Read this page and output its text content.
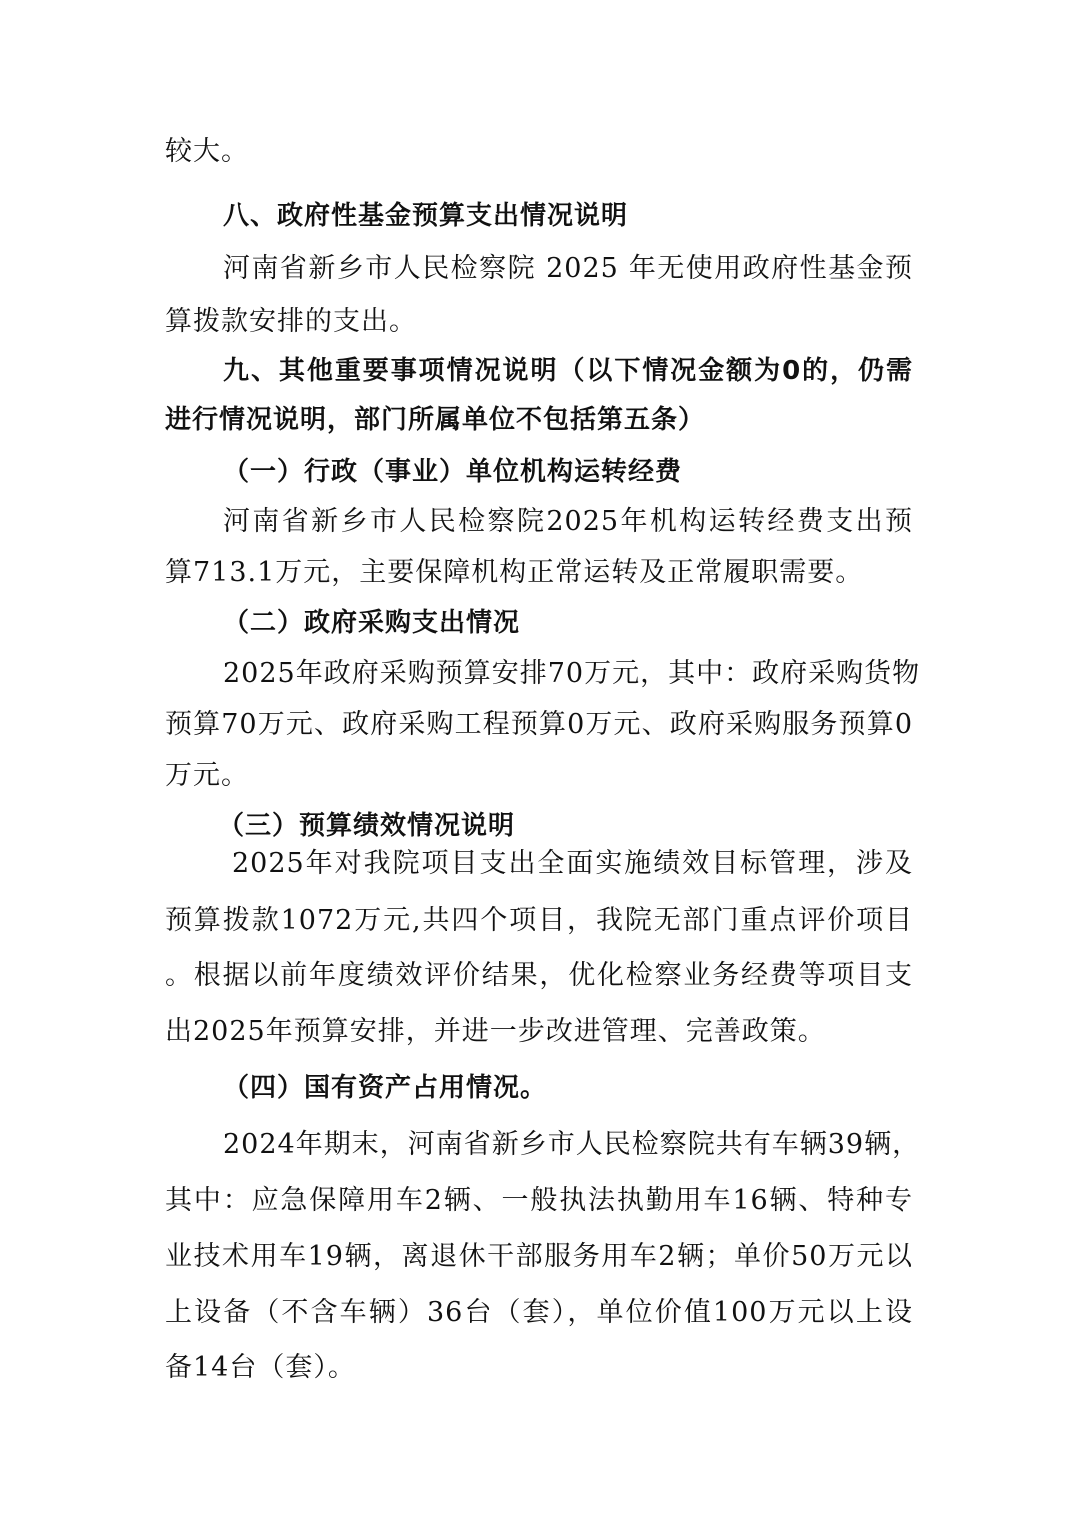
较大。
八、政府性基金预算支出情况说明
河南省新乡市人民检察院 2025 年无使用政府性基金预
算拨款安排的支出。
九、其他重要事项情况说明（以下情况金额为0的，仍需
进行情况说明，部门所属单位不包括第五条）
（一）行政（事业）单位机构运转经费
河南省新乡市人民检察院2025年机构运转经费支出预
算713.1万元，主要保障机构正常运转及正常履职需要。
（二）政府采购支出情况
2025年政府采购预算安排70万元，其中：政府采购货物
预算70万元、政府采购工程预算0万元、政府采购服务预算0
万元。
（三）预算绩效情况说明
2025年对我院项目支出全面实施绩效目标管理，涉及
预算拨款1072万元,共四个项目，我院无部门重点评价项目
。根据以前年度绩效评价结果，优化检察业务经费等项目支
出2025年预算安排，并进一步改进管理、完善政策。
（四）国有资产占用情况。
2024年期末，河南省新乡市人民检察院共有车辆39辆，
其中：应急保障用车2辆、一般执法执勤用车16辆、特种专
业技术用车19辆，离退休干部服务用车2辆；单价50万元以
上设备（不含车辆）36台（套），单位价值100万元以上设
备14台（套）。
